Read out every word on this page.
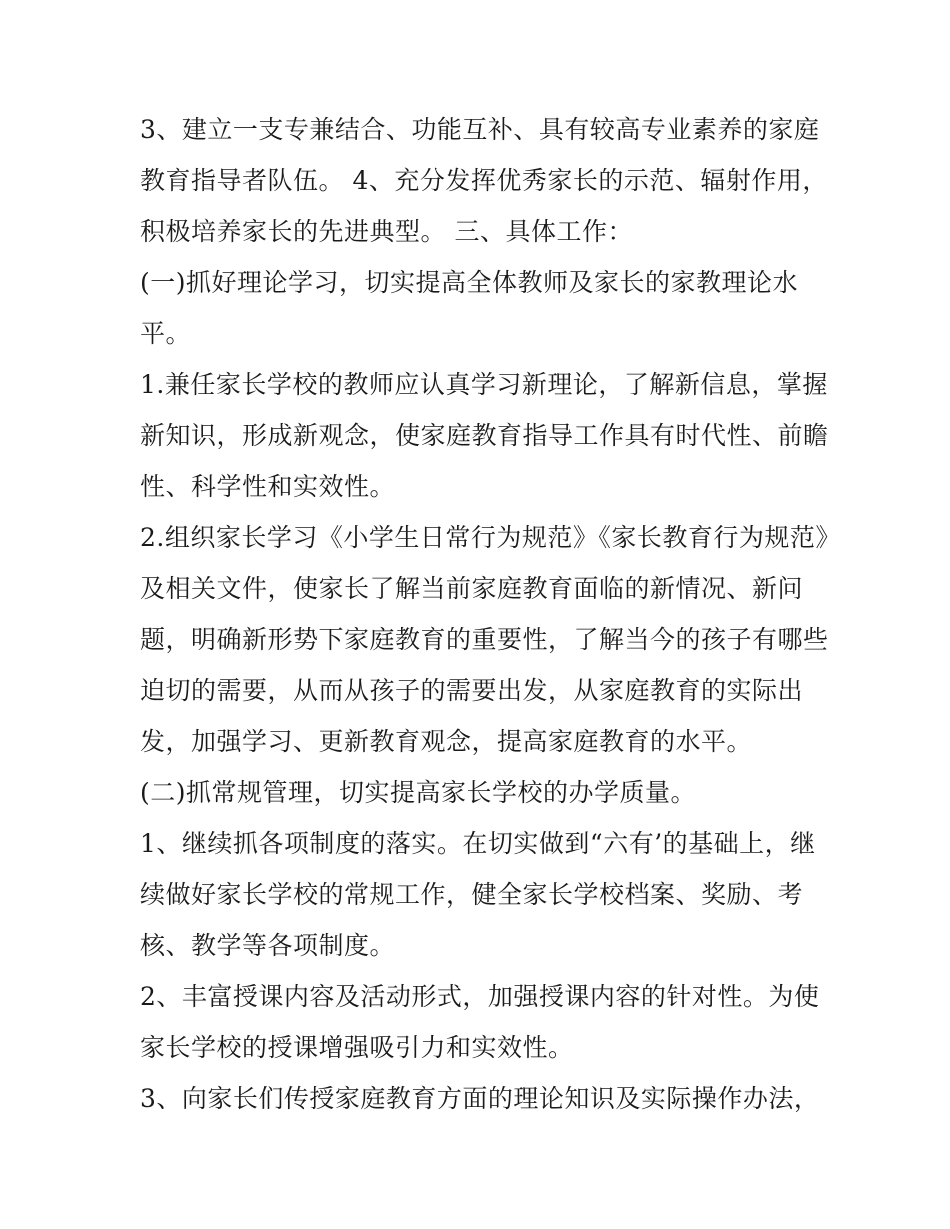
3、建立一支专兼结合、功能互补、具有较高专业素养的家庭教育指导者队伍。 4、充分发挥优秀家长的示范、辐射作用，积极培养家长的先进典型。 三、具体工作：

(一)抓好理论学习，切实提高全体教师及家长的家教理论水平。

1.兼任家长学校的教师应认真学习新理论，了解新信息，掌握新知识，形成新观念，使家庭教育指导工作具有时代性、前瞻性、科学性和实效性。

2.组织家长学习《小学生日常行为规范》《家长教育行为规范》及相关文件，使家长了解当前家庭教育面临的新情况、新问题，明确新形势下家庭教育的重要性，了解当今的孩子有哪些迫切的需要，从而从孩子的需要出发，从家庭教育的实际出发，加强学习、更新教育观念，提高家庭教育的水平。

(二)抓常规管理，切实提高家长学校的办学质量。

1、继续抓各项制度的落实。在切实做到“六有’的基础上，继续做好家长学校的常规工作，健全家长学校档案、奖励、考核、教学等各项制度。

2、丰富授课内容及活动形式，加强授课内容的针对性。为使家长学校的授课增强吸引力和实效性。

3、向家长们传授家庭教育方面的理论知识及实际操作办法，
